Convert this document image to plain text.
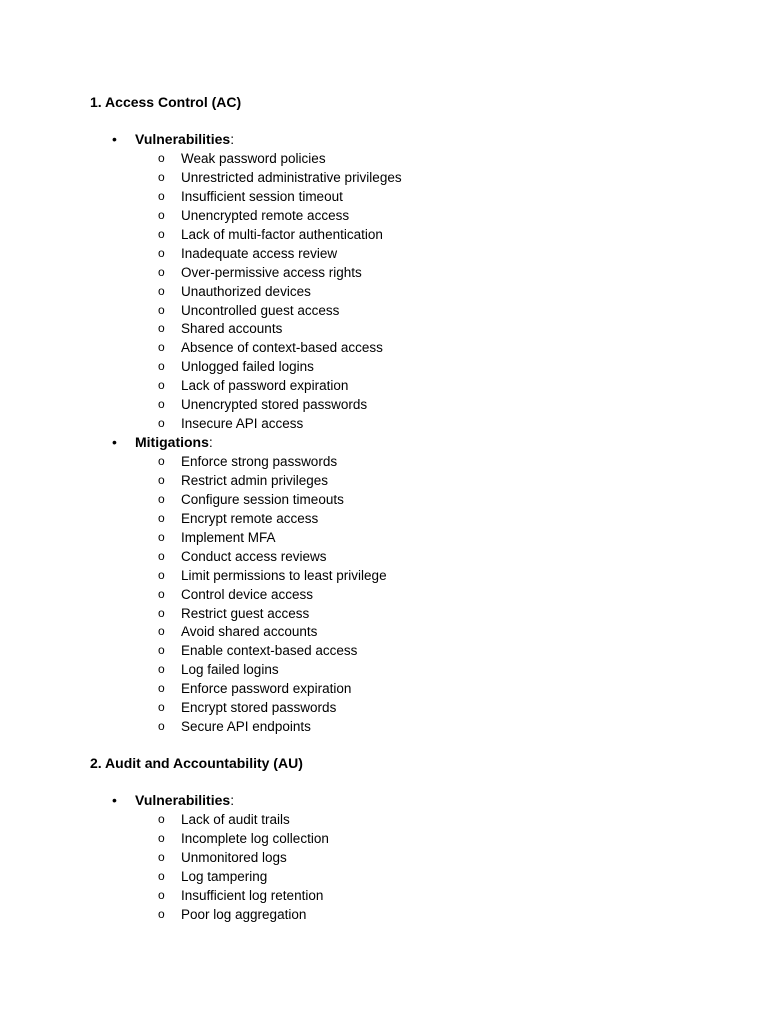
1. Access Control (AC)
• Vulnerabilities:
o Weak password policies
o Unrestricted administrative privileges
o Insufficient session timeout
o Unencrypted remote access
o Lack of multi-factor authentication
o Inadequate access review
o Over-permissive access rights
o Unauthorized devices
o Uncontrolled guest access
o Shared accounts
o Absence of context-based access
o Unlogged failed logins
o Lack of password expiration
o Unencrypted stored passwords
o Insecure API access
• Mitigations:
o Enforce strong passwords
o Restrict admin privileges
o Configure session timeouts
o Encrypt remote access
o Implement MFA
o Conduct access reviews
o Limit permissions to least privilege
o Control device access
o Restrict guest access
o Avoid shared accounts
o Enable context-based access
o Log failed logins
o Enforce password expiration
o Encrypt stored passwords
o Secure API endpoints
2. Audit and Accountability (AU)
• Vulnerabilities:
o Lack of audit trails
o Incomplete log collection
o Unmonitored logs
o Log tampering
o Insufficient log retention
o Poor log aggregation
